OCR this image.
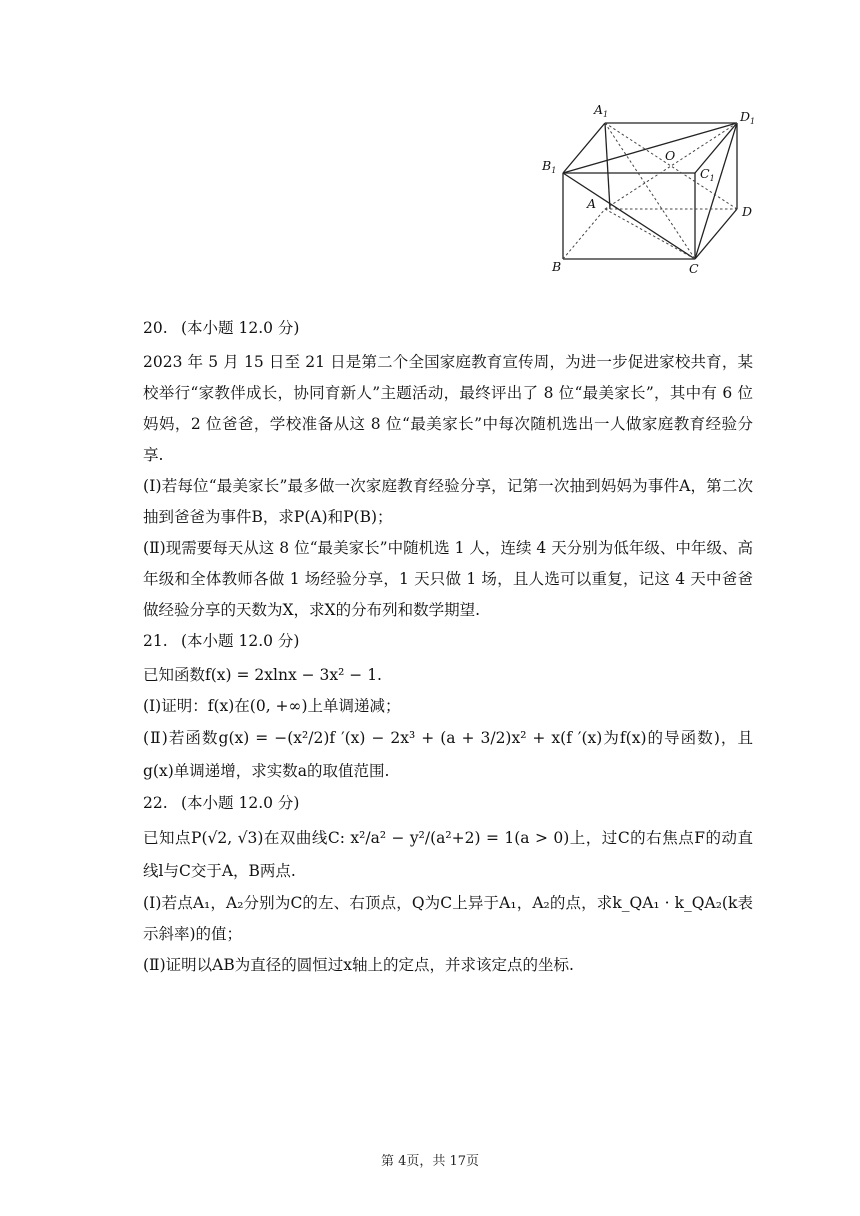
$A_1$	$D_1$
$B_1$	$C_1$
O
A
D
B	C

20. (本小题 12.0 分)

2023 年 5 月 15 日至 21 日是第二个全国家庭教育宣传周，为进一步促进家校共育，某校举行“家教伴成长，协同育新人”主题活动，最终评出了 8 位“最美家长”，其中有 6 位妈妈，2 位爸爸，学校准备从这 8 位“最美家长”中每次随机选出一人做家庭教育经验分享.

(Ⅰ)若每位“最美家长”最多做一次家庭教育经验分享，记第一次抽到妈妈为事件A，第二次抽到爸爸为事件B，求P(A)和P(B)；

(Ⅱ)现需要每天从这 8 位“最美家长”中随机选 1 人，连续 4 天分别为低年级、中年级、高年级和全体教师各做 1 场经验分享，1 天只做 1 场，且人选可以重复，记这 4 天中爸爸做经验分享的天数为X，求X的分布列和数学期望.

21. (本小题 12.0 分)

已知函数f(x) = 2xlnx − 3x² − 1.

(Ⅰ)证明：f(x)在(0, +∞)上单调递减；

(Ⅱ)若函数g(x) = −(x²/2)f ′(x) − 2x³ + (a + 3/2)x² + x(f ′(x)为f(x)的导函数)，且g(x)单调递增，求实数a的取值范围.

22. (本小题 12.0 分)

已知点P(√2, √3)在双曲线C: x²/a² − y²/(a²+2) = 1(a > 0)上，过C的右焦点F的动直线l与C交于A，B两点.

(Ⅰ)若点A₁，A₂分别为C的左、右顶点，Q为C上异于A₁，A₂的点，求k_QA₁ · k_QA₂(k表示斜率)的值；

(Ⅱ)证明以AB为直径的圆恒过x轴上的定点，并求该定点的坐标.

第 4页，共 17页
